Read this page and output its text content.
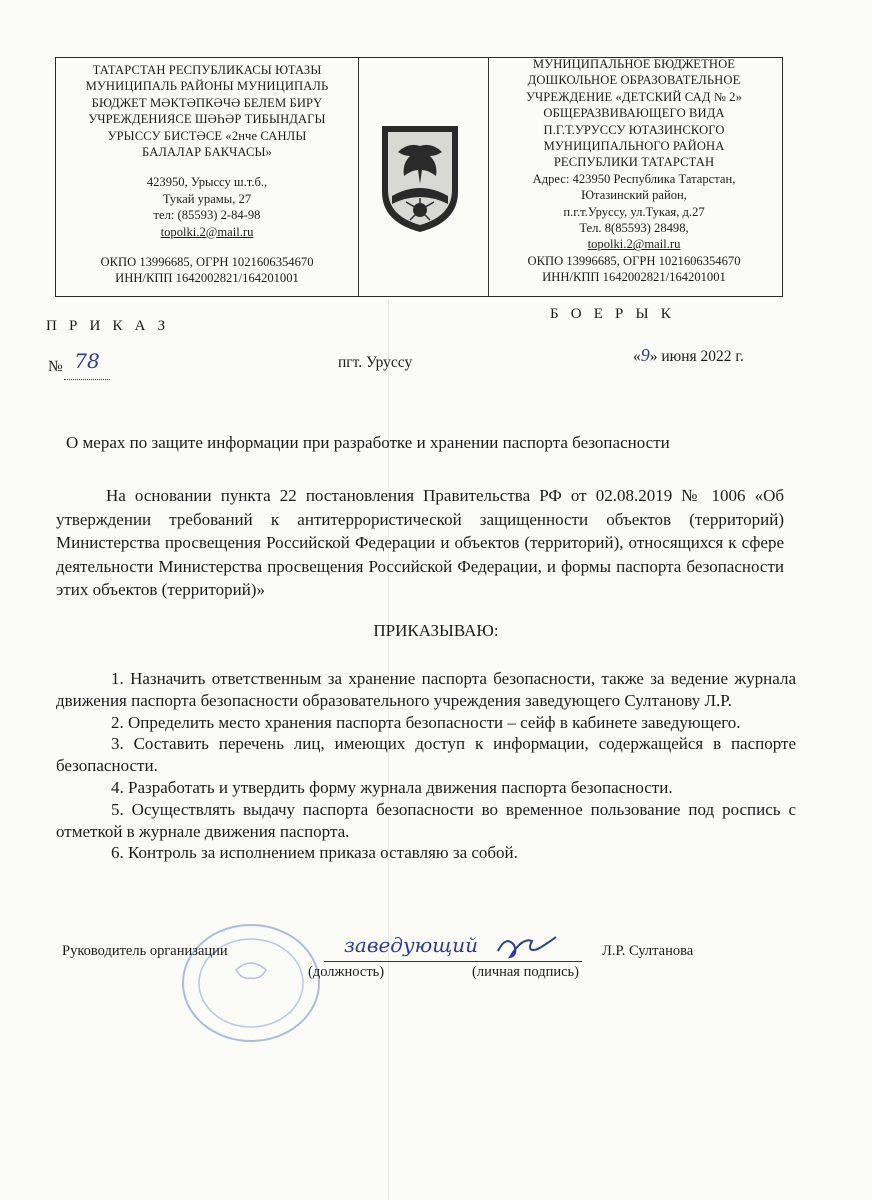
ТАТАРСТАН РЕСПУБЛИКАСЫ ЮТАЗЫ
МУНИЦИПАЛЬ РАЙОНЫ МУНИЦИПАЛЬ
БЮДЖЕТ МӘКТӘПКӘЧӘ БЕЛЕМ БИРҮ
УЧРЕЖДЕНИЯСЕ ШӘҺӘР ТИБЫНДАГЫ
УРЫССУ БИСТӘСЕ «2нче САНЛЫ
БАЛАЛАР БАКЧАСЫ»
423950, Урыссу ш.т.б.,
Тукай урамы, 27
тел: (85593) 2-84-98
topolki.2@mail.ru
ОКПО 13996685, ОГРН 1021606354670
ИНН/КПП 1642002821/164201001
МУНИЦИПАЛЬНОЕ БЮДЖЕТНОЕ
ДОШКОЛЬНОЕ ОБРАЗОВАТЕЛЬНОЕ
УЧРЕЖДЕНИЕ «ДЕТСКИЙ САД № 2»
ОБЩЕРАЗВИВАЮЩЕГО ВИДА
П.Г.Т.УРУССУ ЮТАЗИНСКОГО
МУНИЦИПАЛЬНОГО РАЙОНА
РЕСПУБЛИКИ ТАТАРСТАН
Адрес: 423950 Республика Татарстан,
Ютазинский район,
п.г.т.Уруссу, ул.Тукая, д.27
Тел. 8(85593) 28498,
topolki.2@mail.ru
ОКПО 13996685, ОГРН 1021606354670
ИНН/КПП 1642002821/164201001
П Р И К А З
Б О Е Р Ы К
№ 78	пгт. Уруссу	«9» июня 2022 г.
О мерах по защите информации при разработке и хранении паспорта безопасности
На основании пункта 22 постановления Правительства РФ от 02.08.2019 № 1006 «Об утверждении требований к антитеррористической защищенности объектов (территорий) Министерства просвещения Российской Федерации и объектов (территорий), относящихся к сфере деятельности Министерства просвещения Российской Федерации, и формы паспорта безопасности этих объектов (территорий)»
ПРИКАЗЫВАЮ:

1. Назначить ответственным за хранение паспорта безопасности, также за ведение журнала движения паспорта безопасности образовательного учреждения заведующего Султанову Л.Р.

2. Определить место хранения паспорта безопасности – сейф в кабинете заведующего.

3. Составить перечень лиц, имеющих доступ к информации, содержащейся в паспорте безопасности.

4. Разработать и утвердить форму журнала движения паспорта безопасности.

5. Осуществлять выдачу паспорта безопасности во временное пользование под роспись с отметкой в журнале движения паспорта.

6. Контроль за исполнением приказа оставляю за собой.

Руководитель организации	заведующий	Л.Р. Султанова
(должность)	(личная подпись)
